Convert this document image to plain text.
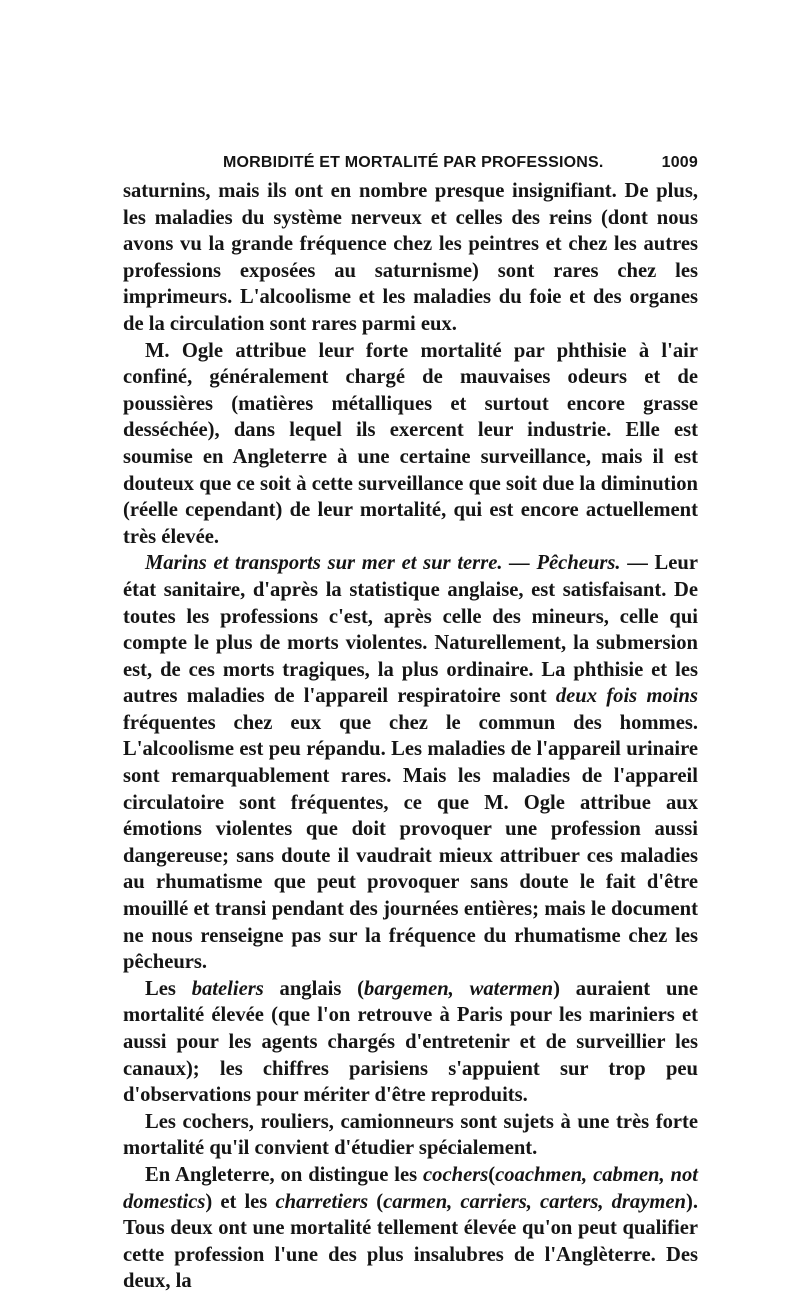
MORBIDITÉ ET MORTALITÉ PAR PROFESSIONS.	1009

saturnins, mais ils ont en nombre presque insignifiant. De plus, les maladies du système nerveux et celles des reins (dont nous avons vu la grande fréquence chez les peintres et chez les autres professions exposées au saturnisme) sont rares chez les imprimeurs. L'alcoolisme et les maladies du foie et des organes de la circulation sont rares parmi eux.

M. Ogle attribue leur forte mortalité par phthisie à l'air confiné, généralement chargé de mauvaises odeurs et de poussières (matières métalliques et surtout encore grasse desséchée), dans lequel ils exercent leur industrie. Elle est soumise en Angleterre à une certaine surveillance, mais il est douteux que ce soit à cette surveillance que soit due la diminution (réelle cependant) de leur mortalité, qui est encore actuellement très élevée.

Marins et transports sur mer et sur terre. — Pêcheurs. — Leur état sanitaire, d'après la statistique anglaise, est satisfaisant. De toutes les professions c'est, après celle des mineurs, celle qui compte le plus de morts violentes. Naturellement, la submersion est, de ces morts tragiques, la plus ordinaire. La phthisie et les autres maladies de l'appareil respiratoire sont deux fois moins fréquentes chez eux que chez le commun des hommes. L'alcoolisme est peu répandu. Les maladies de l'appareil urinaire sont remarquablement rares. Mais les maladies de l'appareil circulatoire sont fréquentes, ce que M. Ogle attribue aux émotions violentes que doit provoquer une profession aussi dangereuse; sans doute il vaudrait mieux attribuer ces maladies au rhumatisme que peut provoquer sans doute le fait d'être mouillé et transi pendant des journées entières; mais le document ne nous renseigne pas sur la fréquence du rhumatisme chez les pêcheurs.

Les bateliers anglais (bargemen, watermen) auraient une mortalité élevée (que l'on retrouve à Paris pour les mariniers et aussi pour les agents chargés d'entretenir et de surveillier les canaux); les chiffres parisiens s'appuient sur trop peu d'observations pour mériter d'être reproduits.

Les cochers, rouliers, camionneurs sont sujets à une très forte mortalité qu'il convient d'étudier spécialement.

En Angleterre, on distingue les cochers(coachmen, cabmen, not domestics) et les charretiers (carmen, carriers, carters, draymen). Tous deux ont une mortalité tellement élevée qu'on peut qualifier cette profession l'une des plus insalubres de l'Anglèterre. Des deux, la
